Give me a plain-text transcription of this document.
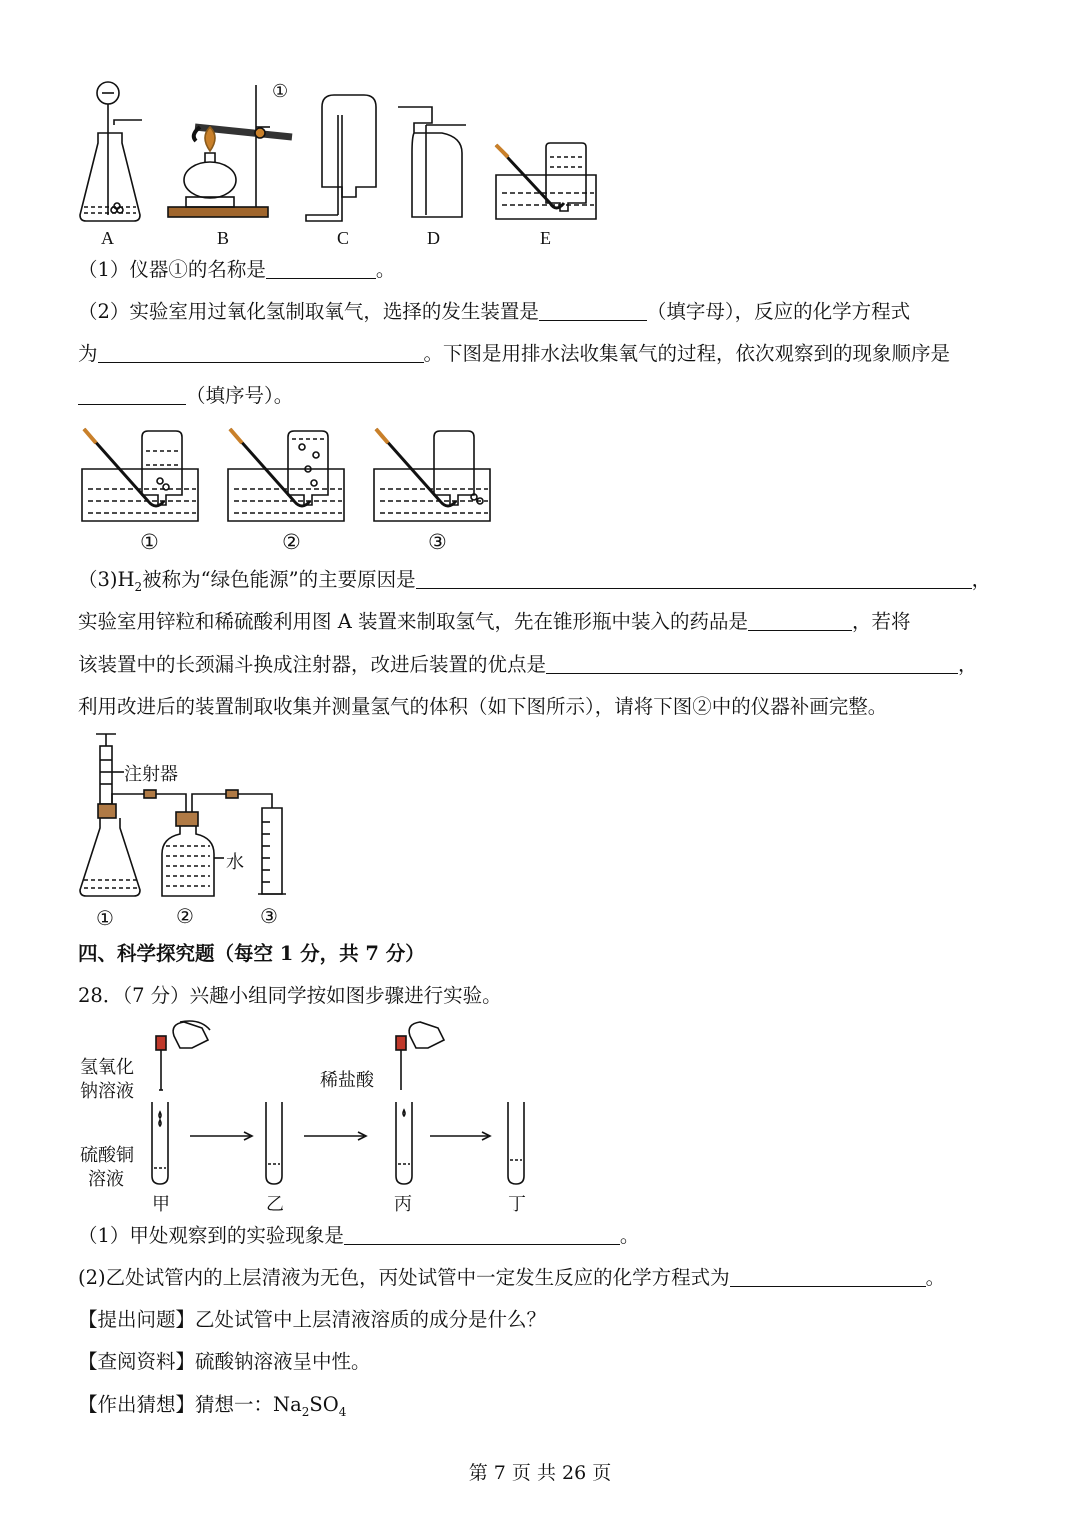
A	B	C	D	E
①
（1）仪器①的名称是	。
（2）实验室用过氧化氢制取氧气，选择的发生装置是	（填字母），反应的化学方程式
为	。下图是用排水法收集氧气的过程，依次观察到的现象顺序是
（填序号）。
①	②	③
$(3)H_2$被称为“绿色能源”的主要原因是	，
实验室用锌粒和稀硫酸利用图 A 装置来制取氢气，先在锥形瓶中装入的药品是	，若将
该装置中的长颈漏斗换成注射器，改进后装置的优点是	，
利用改进后的装置制取收集并测量氢气的体积（如下图所示），请将下图②中的仪器补画完整。
注射器
水
①	②	③
四、科学探究题（每空 1 分，共 7 分）
28．（7 分）兴趣小组同学按如图步骤进行实验。
氢氧化
钠溶液
硫酸铜
溶液
稀盐酸
甲	乙	丙	丁
（1）甲处观察到的实验现象是	。
(2)乙处试管内的上层清液为无色，丙处试管中一定发生反应的化学方程式为	。
【提出问题】乙处试管中上层清液溶质的成分是什么？
【查阅资料】硫酸钠溶液呈中性。
【作出猜想】猜想一：$Na_2SO_4$
第 7 页 共 26 页
